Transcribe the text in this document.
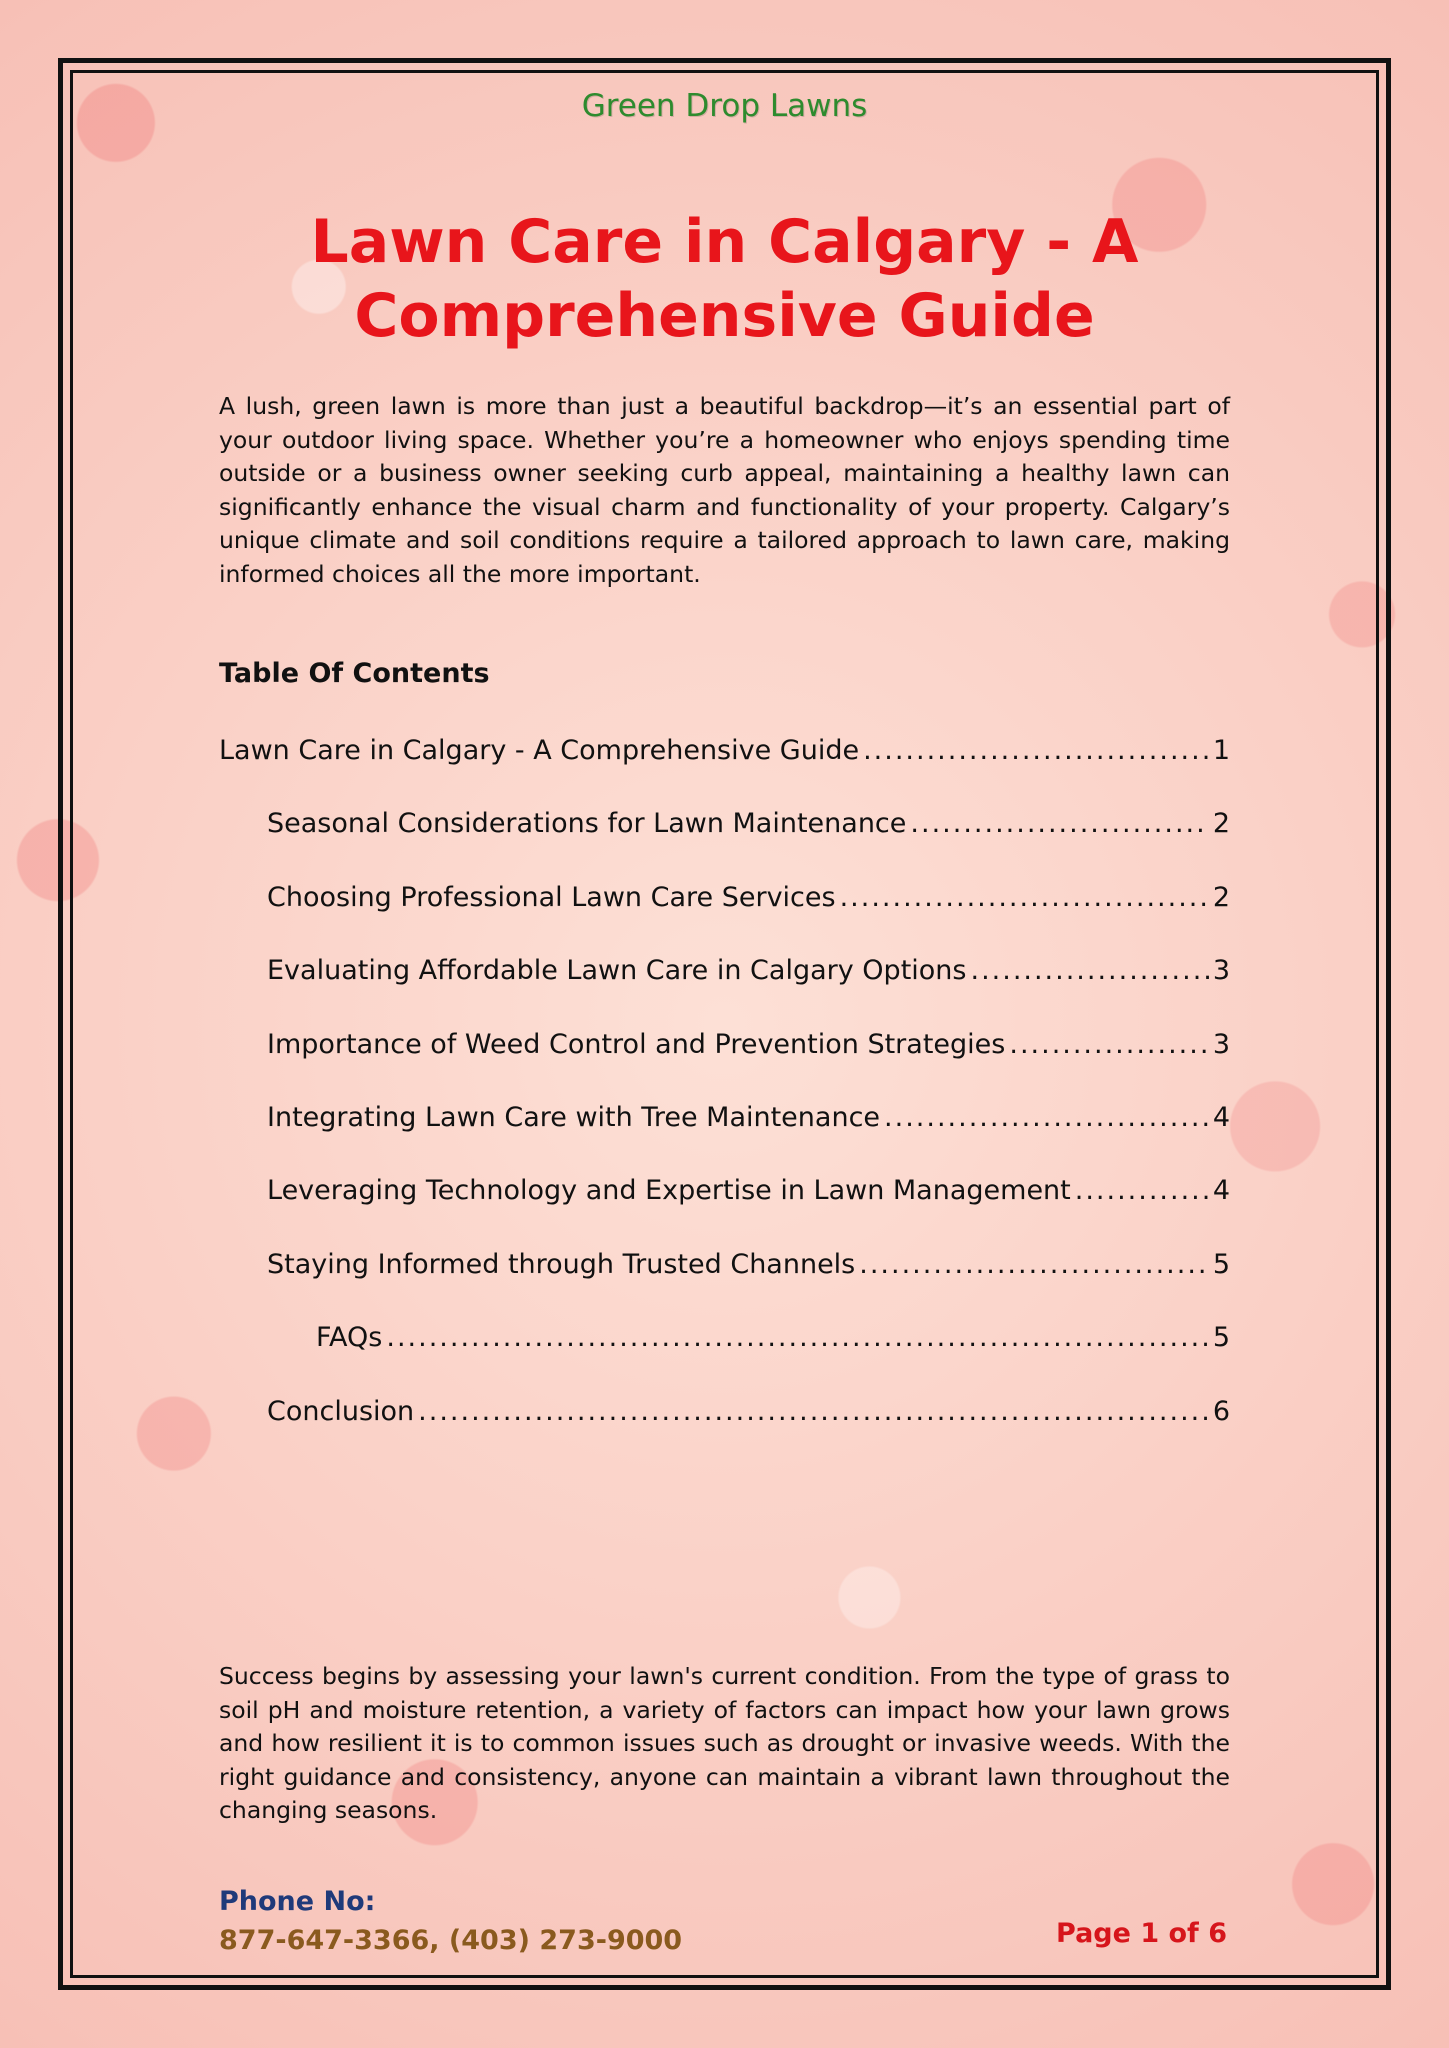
Green Drop Lawns

Lawn Care in Calgary - A Comprehensive Guide

A lush, green lawn is more than just a beautiful backdrop—it’s an essential part of your outdoor living space. Whether you’re a homeowner who enjoys spending time outside or a business owner seeking curb appeal, maintaining a healthy lawn can significantly enhance the visual charm and functionality of your property. Calgary’s unique climate and soil conditions require a tailored approach to lawn care, making informed choices all the more important.

Table Of Contents
Lawn Care in Calgary - A Comprehensive Guide .....	1
Seasonal Considerations for Lawn Maintenance .....	2
Choosing Professional Lawn Care Services .....	2
Evaluating Affordable Lawn Care in Calgary Options .....	3
Importance of Weed Control and Prevention Strategies .....	3
Integrating Lawn Care with Tree Maintenance .....	4
Leveraging Technology and Expertise in Lawn Management .....	4
Staying Informed through Trusted Channels .....	5
FAQs .....	5
Conclusion .....	6

Success begins by assessing your lawn's current condition. From the type of grass to soil pH and moisture retention, a variety of factors can impact how your lawn grows and how resilient it is to common issues such as drought or invasive weeds. With the right guidance and consistency, anyone can maintain a vibrant lawn throughout the changing seasons.

Phone No:

877-647-3366, (403) 273-9000	Page 1 of 6
